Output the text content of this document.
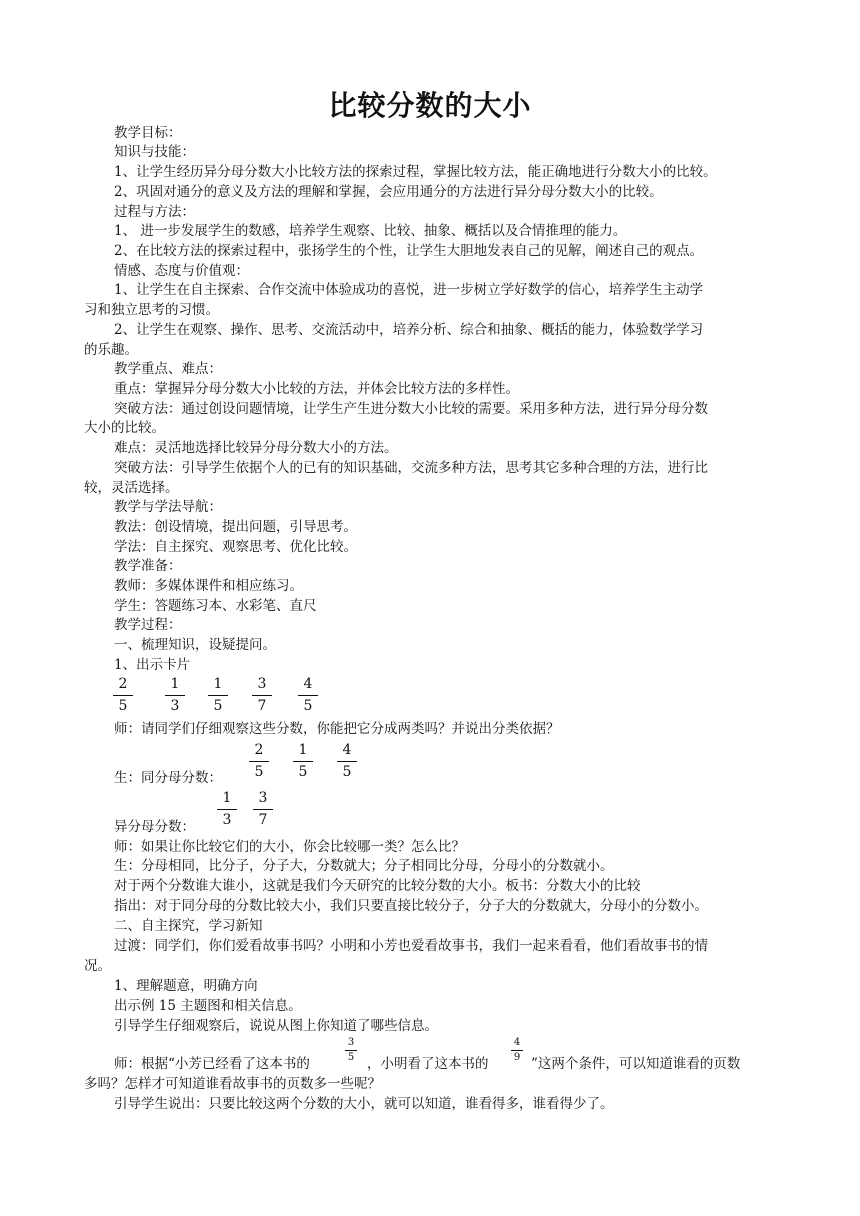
比较分数的大小
教学目标：
知识与技能：
1、让学生经历异分母分数大小比较方法的探索过程，掌握比较方法，能正确地进行分数大小的比较。
2、巩固对通分的意义及方法的理解和掌握，会应用通分的方法进行异分母分数大小的比较。
过程与方法：
1、 进一步发展学生的数感，培养学生观察、比较、抽象、概括以及合情推理的能力。
2、在比较方法的探索过程中，张扬学生的个性，让学生大胆地发表自己的见解，阐述自己的观点。
情感、态度与价值观：
1、让学生在自主探索、合作交流中体验成功的喜悦，进一步树立学好数学的信心，培养学生主动学
习和独立思考的习惯。
2、让学生在观察、操作、思考、交流活动中，培养分析、综合和抽象、概括的能力，体验数学学习
的乐趣。
教学重点、难点：
重点：掌握异分母分数大小比较的方法，并体会比较方法的多样性。
突破方法：通过创设问题情境，让学生产生进分数大小比较的需要。采用多种方法，进行异分母分数
大小的比较。
难点：灵活地选择比较异分母分数大小的方法。
突破方法：引导学生依据个人的已有的知识基础，交流多种方法，思考其它多种合理的方法，进行比
较，灵活选择。
教学与学法导航：
教法：创设情境，提出问题，引导思考。
学法：自主探究、观察思考、优化比较。
教学准备：
教师：多媒体课件和相应练习。
学生：答题练习本、水彩笔、直尺
教学过程：
一、梳理知识，设疑提问。
1、出示卡片
2
5
1
3
1
5
3
7
4
5
师：请同学们仔细观察这些分数，你能把它分成两类吗？并说出分类依据？
2
5
1
5
4
5
生：同分母分数：
1
3
3
7
异分母分数：
师：如果让你比较它们的大小，你会比较哪一类？怎么比？
生：分母相同，比分子，分子大，分数就大；分子相同比分母，分母小的分数就小。
对于两个分数谁大谁小，这就是我们今天研究的比较分数的大小。板书：分数大小的比较
指出：对于同分母的分数比较大小，我们只要直接比较分子，分子大的分数就大，分母小的分数小。
二、自主探究，学习新知
过渡：同学们，你们爱看故事书吗？小明和小芳也爱看故事书，我们一起来看看，他们看故事书的情
况。
1、理解题意，明确方向
出示例 15 主题图和相关信息。
引导学生仔细观察后，说说从图上你知道了哪些信息。
师：根据“小芳已经看了这本书的
3
5 ，小明看了这本书的
4
9 ”这两个条件，可以知道谁看的页数
多吗？怎样才可知道谁看故事书的页数多一些呢？
引导学生说出：只要比较这两个分数的大小，就可以知道，谁看得多，谁看得少了。
